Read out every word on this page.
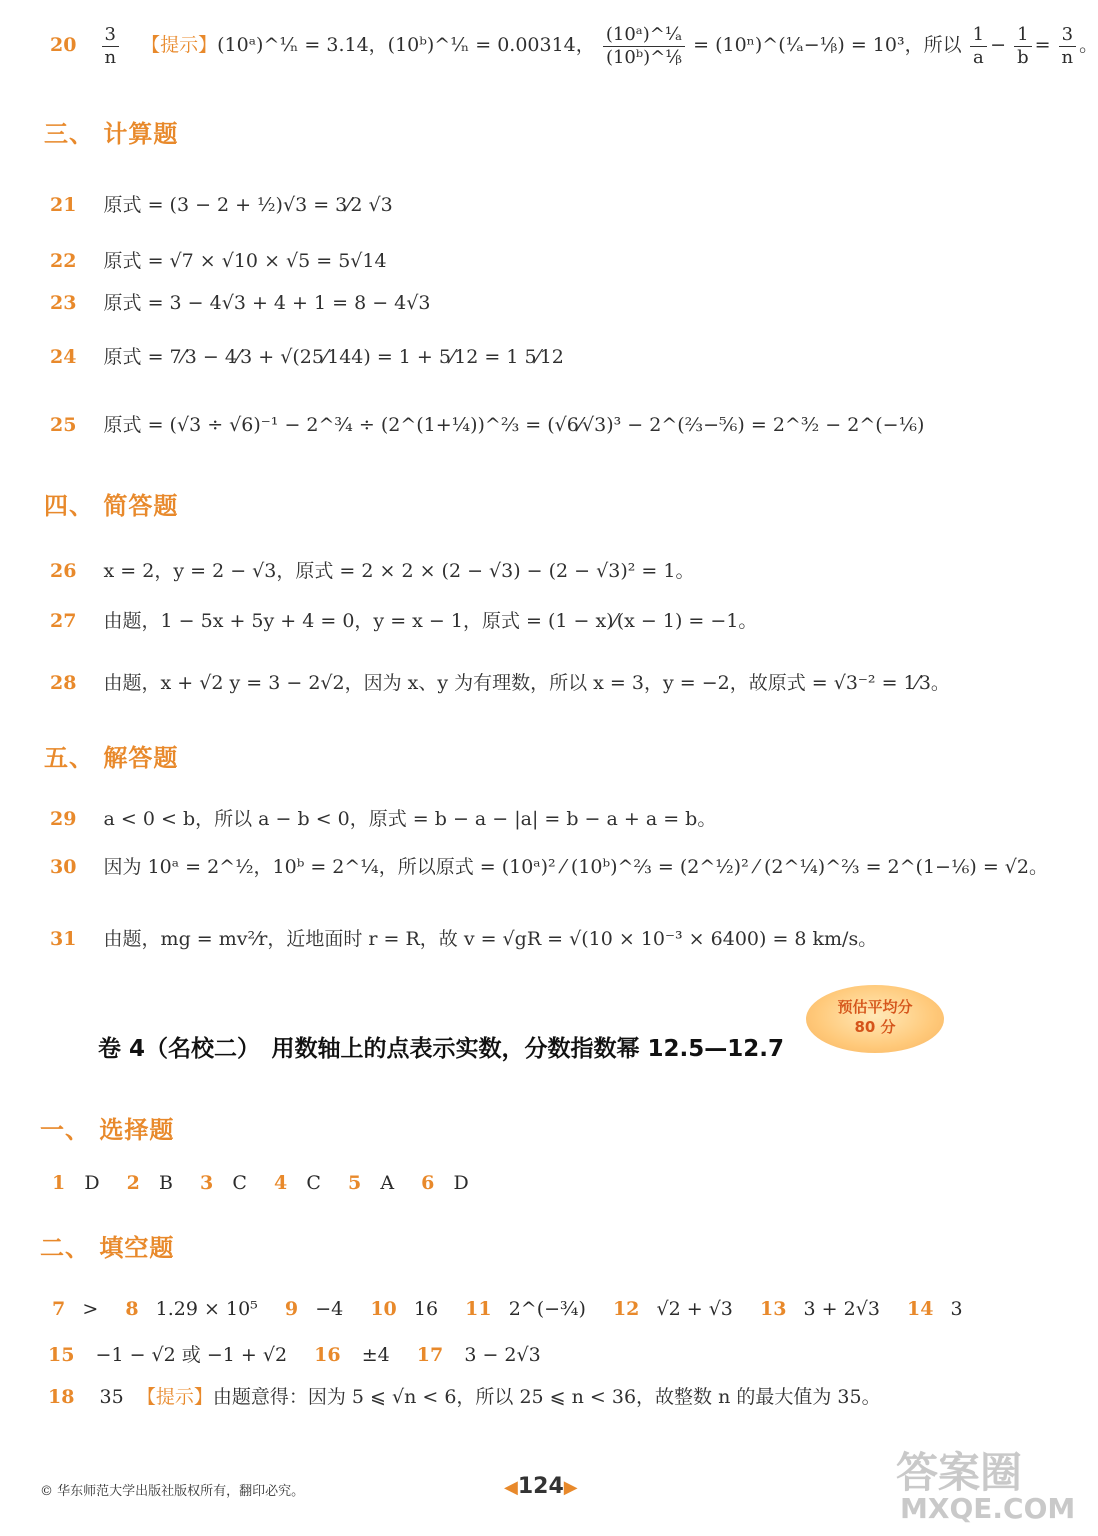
$20 \frac{3}{n}$ 【提示】(10ᵃ)^¹⁄ₙ = 3.14，(10ᵇ)^¹⁄ₙ = 0.00314， $\frac{\text{(10ᵃ)\textasciicircum{}¹⁄ₐ}}{\text{(10ᵇ)\textasciicircum{}¹⁄ᵦ}}$ = (10ⁿ)^(¹⁄ₐ−¹⁄ᵦ) = 10³，所以 $\frac{1}{a} - \frac{1}{b} = \frac{3}{n}$ 。
三、 计算题
21 原式 = (3 − 2 + ½)√3 = 3⁄2 √3
22 原式 = √7 × √10 × √5 = 5√14
23 原式 = 3 − 4√3 + 4 + 1 = 8 − 4√3
24 原式 = 7⁄3 − 4⁄3 + √(25⁄144) = 1 + 5⁄12 = 1 5⁄12
25 原式 = (√3 ÷ √6)⁻¹ − 2^¾ ÷ (2^(1+¼))^⅔ = (√6⁄√3)³ − 2^(⅔−⁵⁄₆) = 2^³⁄₂ − 2^(−¹⁄₆)
四、 简答题
26 x = 2，y = 2 − √3，原式 = 2 × 2 × (2 − √3) − (2 − √3)² = 1。
27 由题，1 − 5x + 5y + 4 = 0，y = x − 1，原式 = (1 − x)⁄(x − 1) = −1。
28 由题，x + √2 y = 3 − 2√2，因为 x、y 为有理数，所以 x = 3，y = −2，故原式 = √3⁻² = 1⁄3。
五、 解答题
29 a < 0 < b，所以 a − b < 0，原式 = b − a − |a| = b − a + a = b。
30 因为 10ᵃ = 2^½，10ᵇ = 2^¼，所以原式 = (10ᵃ)² ⁄ (10ᵇ)^⅔ = (2^½)² ⁄ (2^¼)^⅔ = 2^(1−⅙) = √2。
31 由题，mg = mv²⁄r，近地面时 r = R，故 v = √gR = √(10 × 10⁻³ × 6400) = 8 km/s。
卷 4（名校二）　用数轴上的点表示实数，分数指数幂 12.5—12.7
预估平均分
80 分
一、 选择题
1 D 2 B 3 C 4 C 5 A 6 D
二、 填空题
7 > 8 1.29 × 10⁵ 9 −4 10 16 11 2^(−¾) 12 √2 + √3 13 3 + 2√3 14 3
15 −1 − √2 或 −1 + √2 16 ±4 17 3 − 2√3
18 35 【提示】由题意得：因为 5 ⩽ √n < 6，所以 25 ⩽ n < 36，故整数 n 的最大值为 35。
© 华东师范大学出版社版权所有，翻印必究。	◀124▶	答案圈
MXQE.COM
